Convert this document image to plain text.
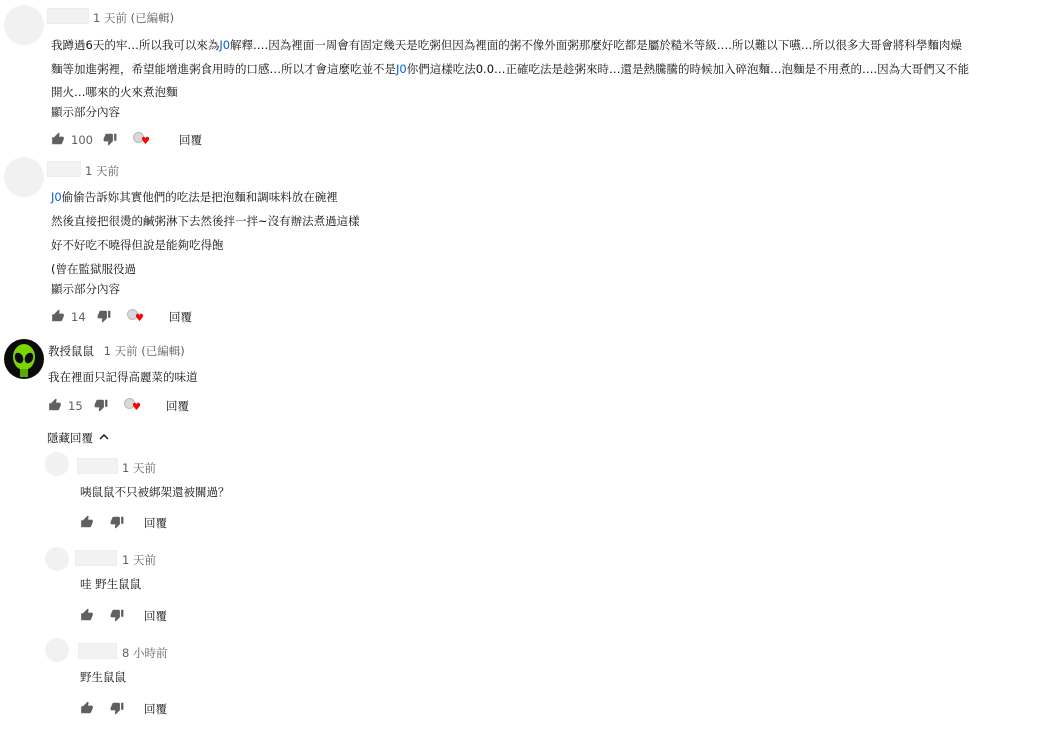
1 天前 (已編輯)
我蹲過6天的牢…所以我可以來為J0解釋….因為裡面一周會有固定幾天是吃粥但因為裡面的粥不像外面粥那麼好吃都是屬於糙米等級….所以難以下嚥…所以很多大哥會將科學麵肉燥
麵等加進粥裡，希望能增進粥食用時的口感…所以才會這麼吃並不是J0你們這樣吃法0.0…正確吃法是趁粥來時…還是熱騰騰的時候加入碎泡麵…泡麵是不用煮的….因為大哥們又不能
開火…哪來的火來煮泡麵
顯示部分內容
100	♥	回覆
1 天前
J0偷偷告訴妳其實他們的吃法是把泡麵和調味料放在碗裡
然後直接把很燙的鹹粥淋下去然後拌一拌~沒有辦法煮過這樣
好不好吃不曉得但說是能夠吃得飽
(曾在監獄服役過
顯示部分內容
14	♥ 回覆
教授鼠鼠 1 天前 (已編輯)
我在裡面只記得高麗菜的味道
15	♥ 回覆
隱藏回覆
1 天前
咦鼠鼠不只被綁架還被關過？
回覆
1 天前
哇 野生鼠鼠
回覆
8 小時前
野生鼠鼠
回覆
